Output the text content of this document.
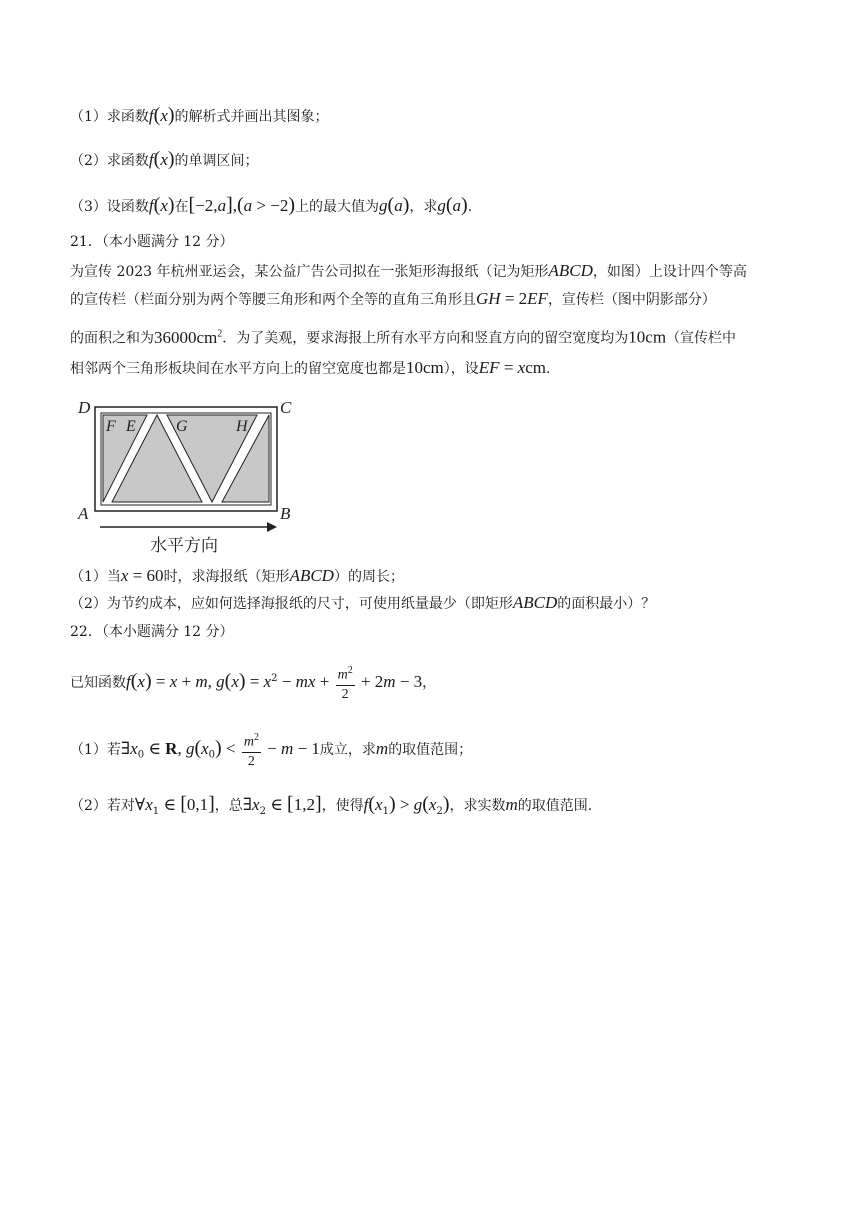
（1）求函数f(x)的解析式并画出其图象；
（2）求函数f(x)的单调区间；
（3）设函数f(x)在[−2,a],(a > −2)上的最大值为g(a)，求g(a).
21．（本小题满分 12 分）
为宣传 2023 年杭州亚运会，某公益广告公司拟在一张矩形海报纸（记为矩形ABCD，如图）上设计四个等高
的宣传栏（栏面分别为两个等腰三角形和两个全等的直角三角形且GH = 2EF，宣传栏（图中阴影部分）
的面积之和为$36000cm^2$．为了美观，要求海报上所有水平方向和竖直方向的留空宽度均为10cm（宣传栏中
相邻两个三角形板块间在水平方向上的留空宽度也都是10cm），设EF = xcm.
D	C
A	B
F E	G	H
水平方向
（1）当x = 60时，求海报纸（矩形ABCD）的周长；
（2）为节约成本，应如何选择海报纸的尺寸，可使用纸量最少（即矩形ABCD的面积最小）？
22．（本小题满分 12 分）
已知函数f(x) = x + m, $g(x) = x^2$ − mx + $\frac{m^2}{2} + 2m - 3$，
（1）若$\exists x_0$ ∈ R, $g(x_0) < \frac{m^2}{2} - m - 1$成立，求m的取值范围；
（2）若对$\forall x_1$ ∈ [0,1]，总$\exists x_2$ ∈ [1,2]，使得$f(x_1) > g(x_2)$，求实数m的取值范围.
